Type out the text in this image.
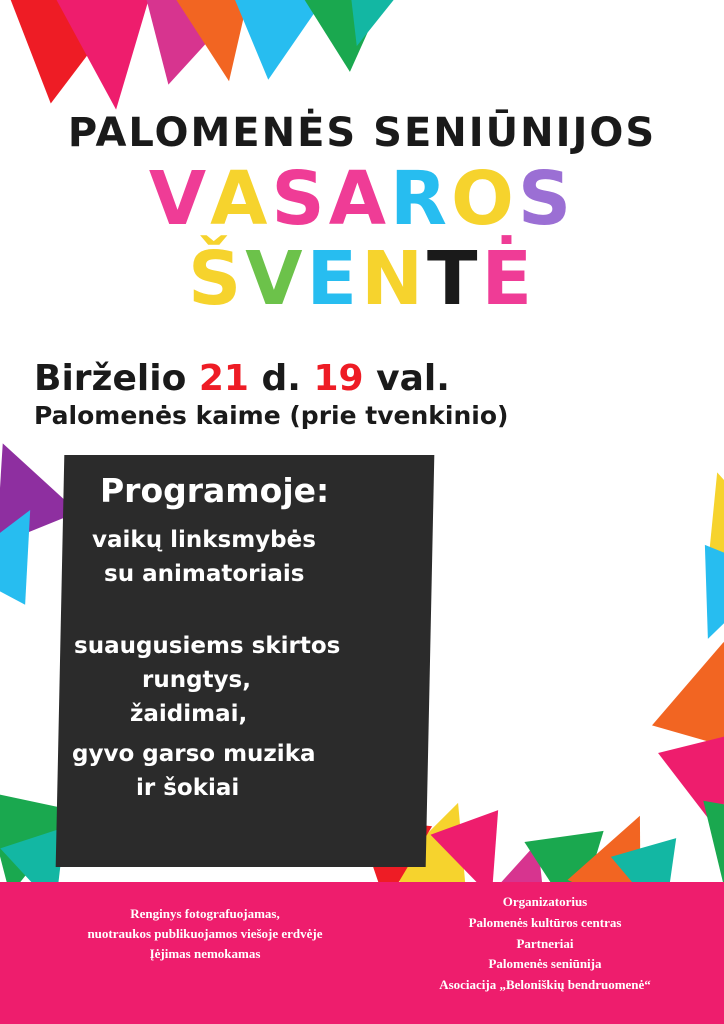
PALOMENĖS SENIŪNIJOS
VASAROS
ŠVENTĖ
Birželio 21 d. 19 val.
Palomenės kaime (prie tvenkinio)
Programoje:
vaikų linksmybės
su animatoriais
suaugusiems skirtos
rungtys,
žaidimai,
gyvo garso muzika
ir šokiai
Renginys fotografuojamas,
nuotraukos publikuojamos viešoje erdvėje
Įėjimas nemokamas
Organizatorius
Palomenės kultūros centras
Partneriai
Palomenės seniūnija
Asociacija „Beloniškių bendruomenė“
